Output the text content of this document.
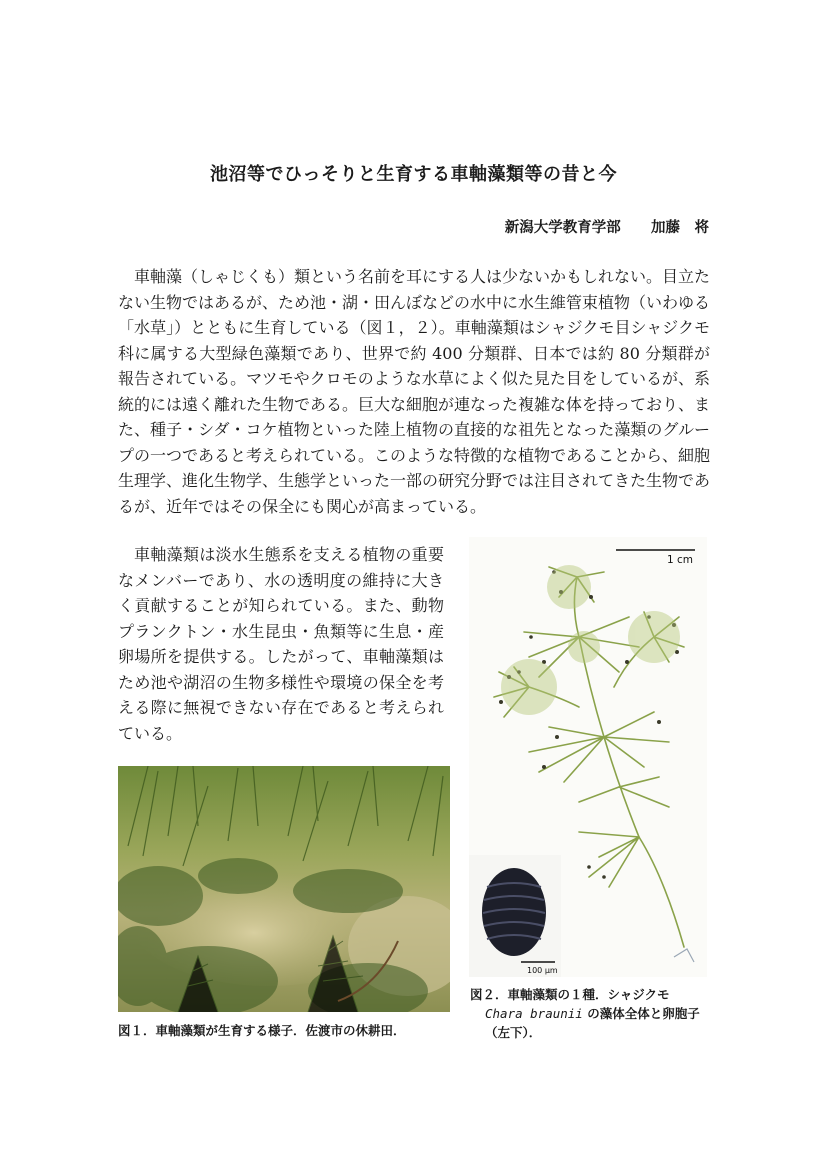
池沼等でひっそりと生育する車軸藻類等の昔と今
新潟大学教育学部 加藤　将

車軸藻（しゃじくも）類という名前を耳にする人は少ないかもしれない。目立たない生物ではあるが、ため池・湖・田んぼなどの水中に水生維管束植物（いわゆる「水草」）とともに生育している（図１，２）。車軸藻類はシャジクモ目シャジクモ科に属する大型緑色藻類であり、世界で約 400 分類群、日本では約 80 分類群が報告されている。マツモやクロモのような水草によく似た見た目をしているが、系統的には遠く離れた生物である。巨大な細胞が連なった複雑な体を持っており、また、種子・シダ・コケ植物といった陸上植物の直接的な祖先となった藻類のグループの一つであると考えられている。このような特徴的な植物であることから、細胞生理学、進化生物学、生態学といった一部の研究分野では注目されてきた生物であるが、近年ではその保全にも関心が高まっている。

車軸藻類は淡水生態系を支える植物の重要なメンバーであり、水の透明度の維持に大きく貢献することが知られている。また、動物プランクトン・水生昆虫・魚類等に生息・産卵場所を提供する。したがって、車軸藻類はため池や湖沼の生物多様性や環境の保全を考える際に無視できない存在であると考えられている。

図１．車軸藻類が生育する様子．佐渡市の休耕田．
1 cm
100 µm
図２．車軸藻類の１種．シャジクモ
Chara braunii の藻体全体と卵胞子（左下）．
